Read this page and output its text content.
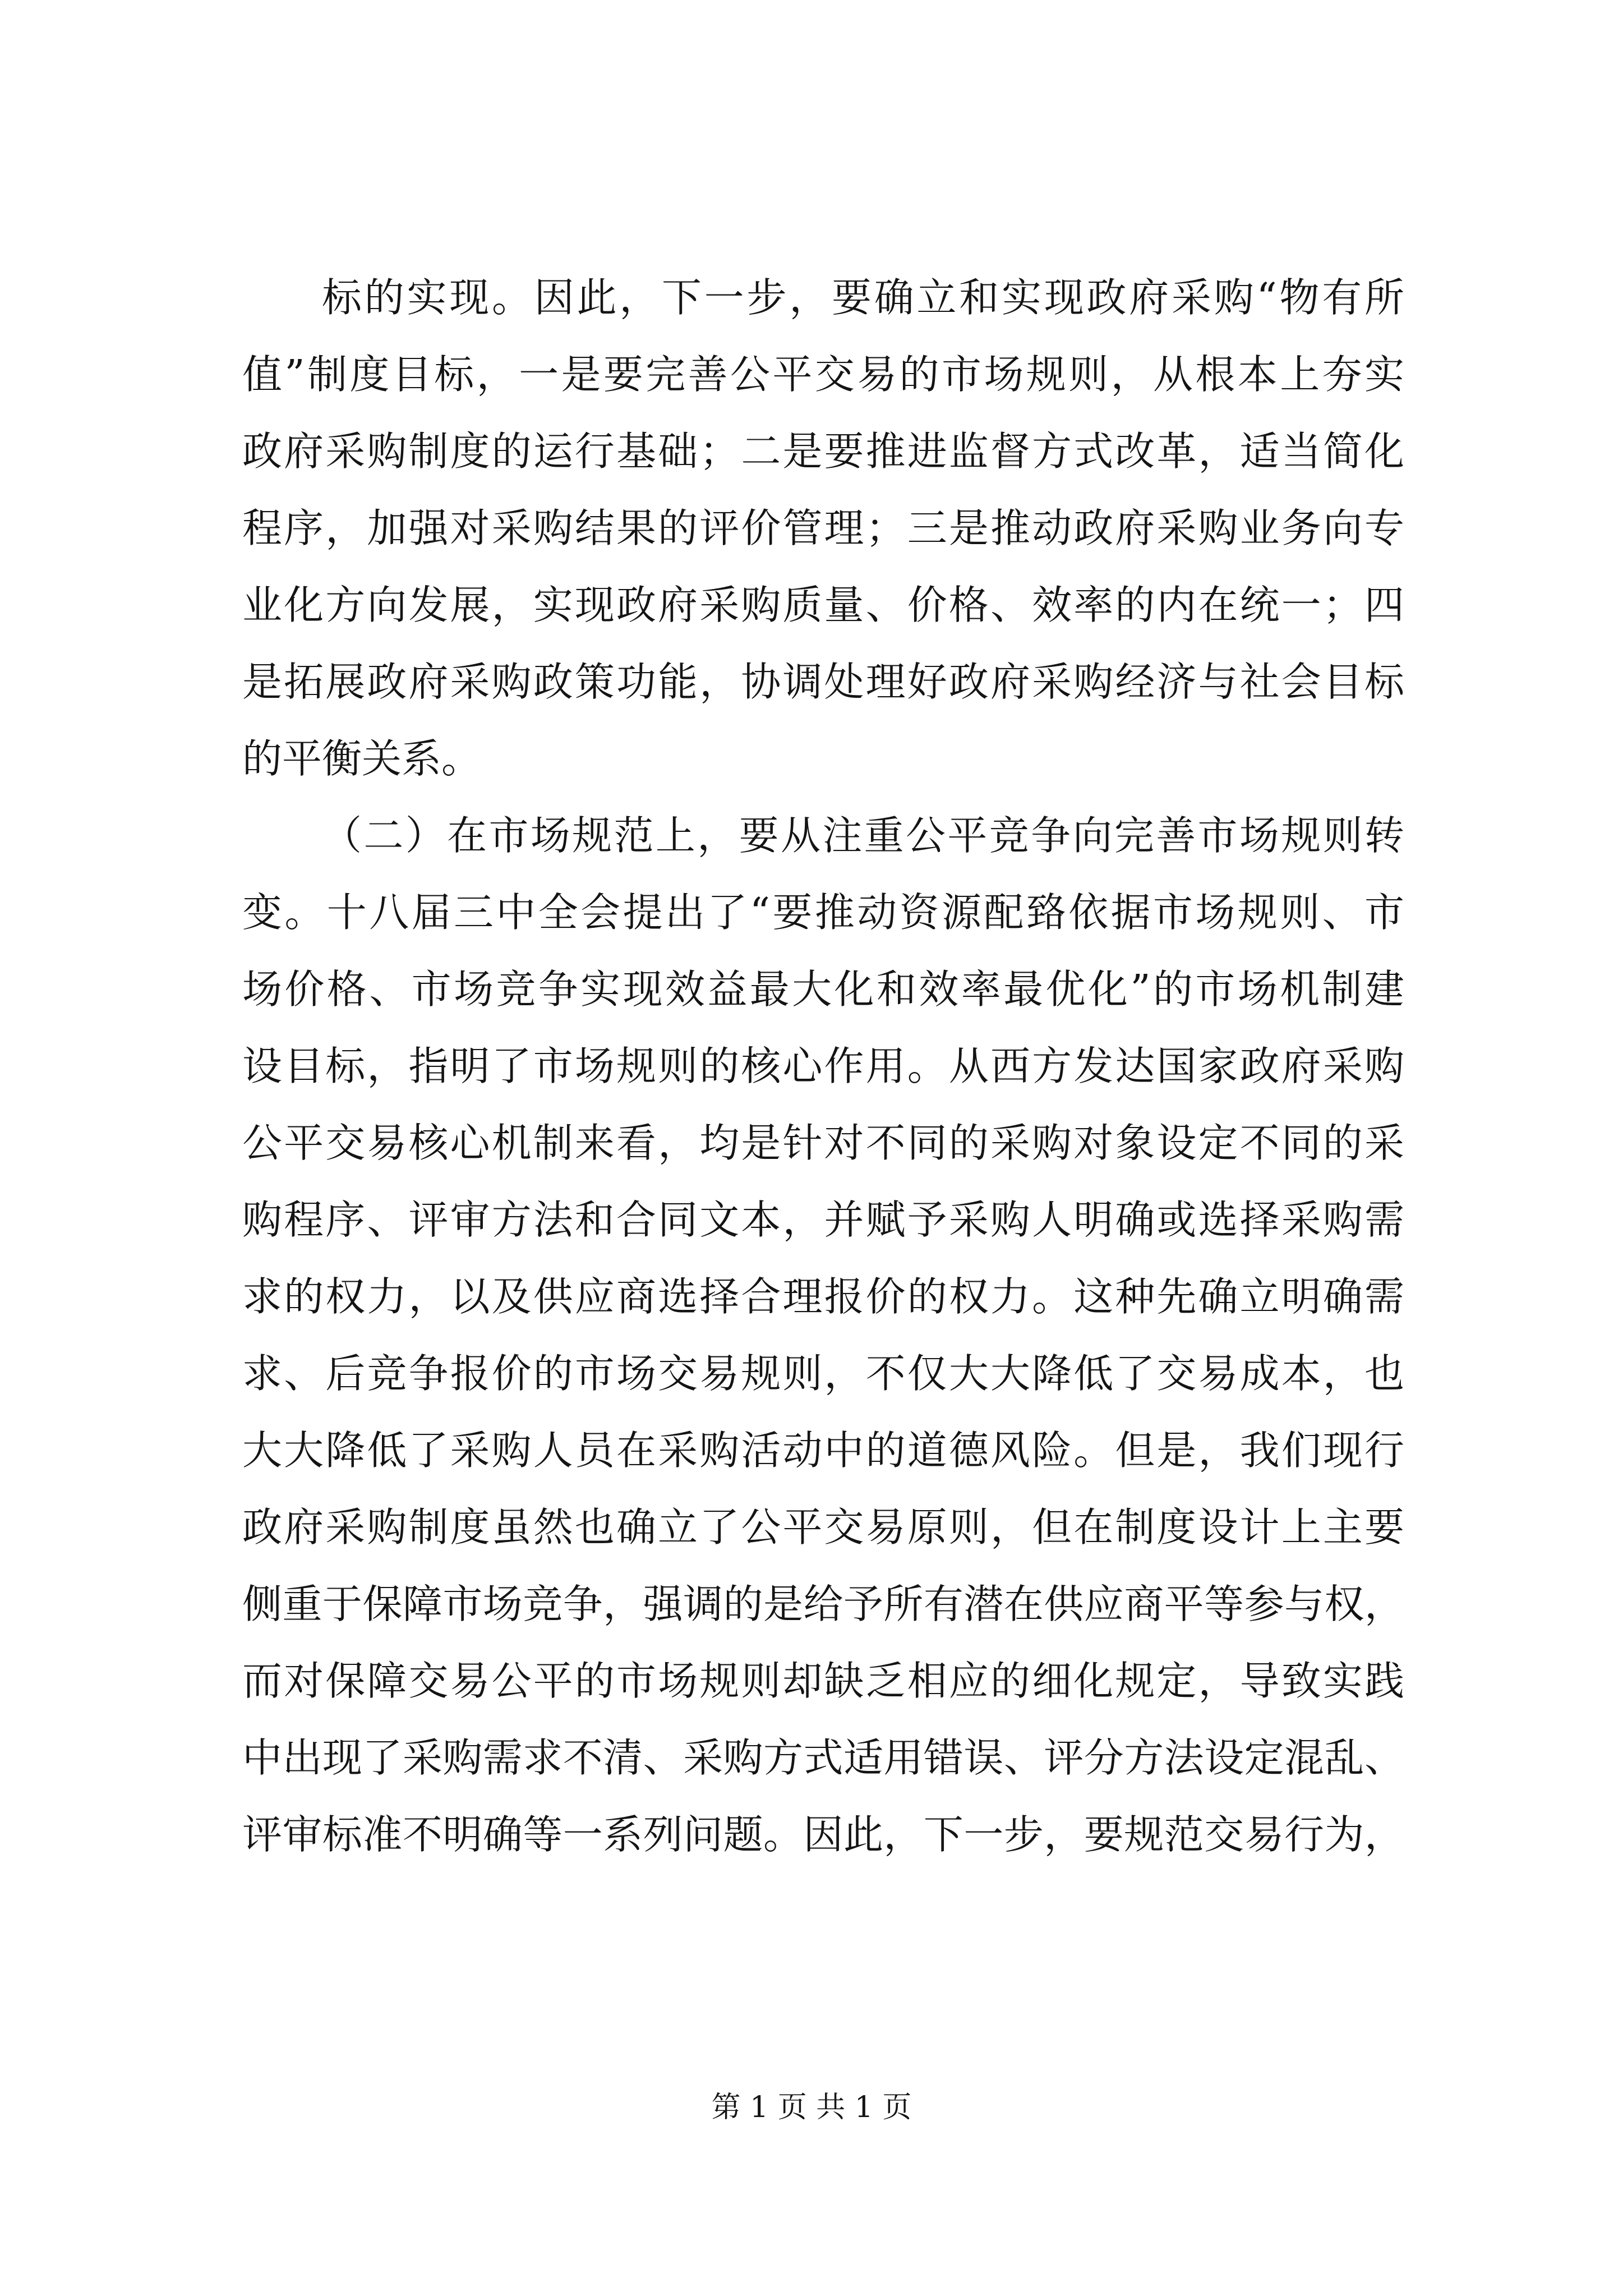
标的实现。因此，下一步，要确立和实现政府采购“物有所
值”制度目标，一是要完善公平交易的市场规则，从根本上夯实
政府采购制度的运行基础；二是要推进监督方式改革，适当简化
程序，加强对采购结果的评价管理；三是推动政府采购业务向专
业化方向发展，实现政府采购质量、价格、效率的内在统一；四
是拓展政府采购政策功能，协调处理好政府采购经济与社会目标
的平衡关系。
（二）在市场规范上，要从注重公平竞争向完善市场规则转
变。十八届三中全会提出了“要推动资源配臵依据市场规则、市
场价格、市场竞争实现效益最大化和效率最优化”的市场机制建
设目标，指明了市场规则的核心作用。从西方发达国家政府采购
公平交易核心机制来看，均是针对不同的采购对象设定不同的采
购程序、评审方法和合同文本，并赋予采购人明确或选择采购需
求的权力，以及供应商选择合理报价的权力。这种先确立明确需
求、后竞争报价的市场交易规则，不仅大大降低了交易成本，也
大大降低了采购人员在采购活动中的道德风险。但是，我们现行
政府采购制度虽然也确立了公平交易原则，但在制度设计上主要
侧重于保障市场竞争，强调的是给予所有潜在供应商平等参与权，
而对保障交易公平的市场规则却缺乏相应的细化规定，导致实践
中出现了采购需求不清、采购方式适用错误、评分方法设定混乱、
评审标准不明确等一系列问题。因此，下一步，要规范交易行为，
第 1 页 共 1 页
